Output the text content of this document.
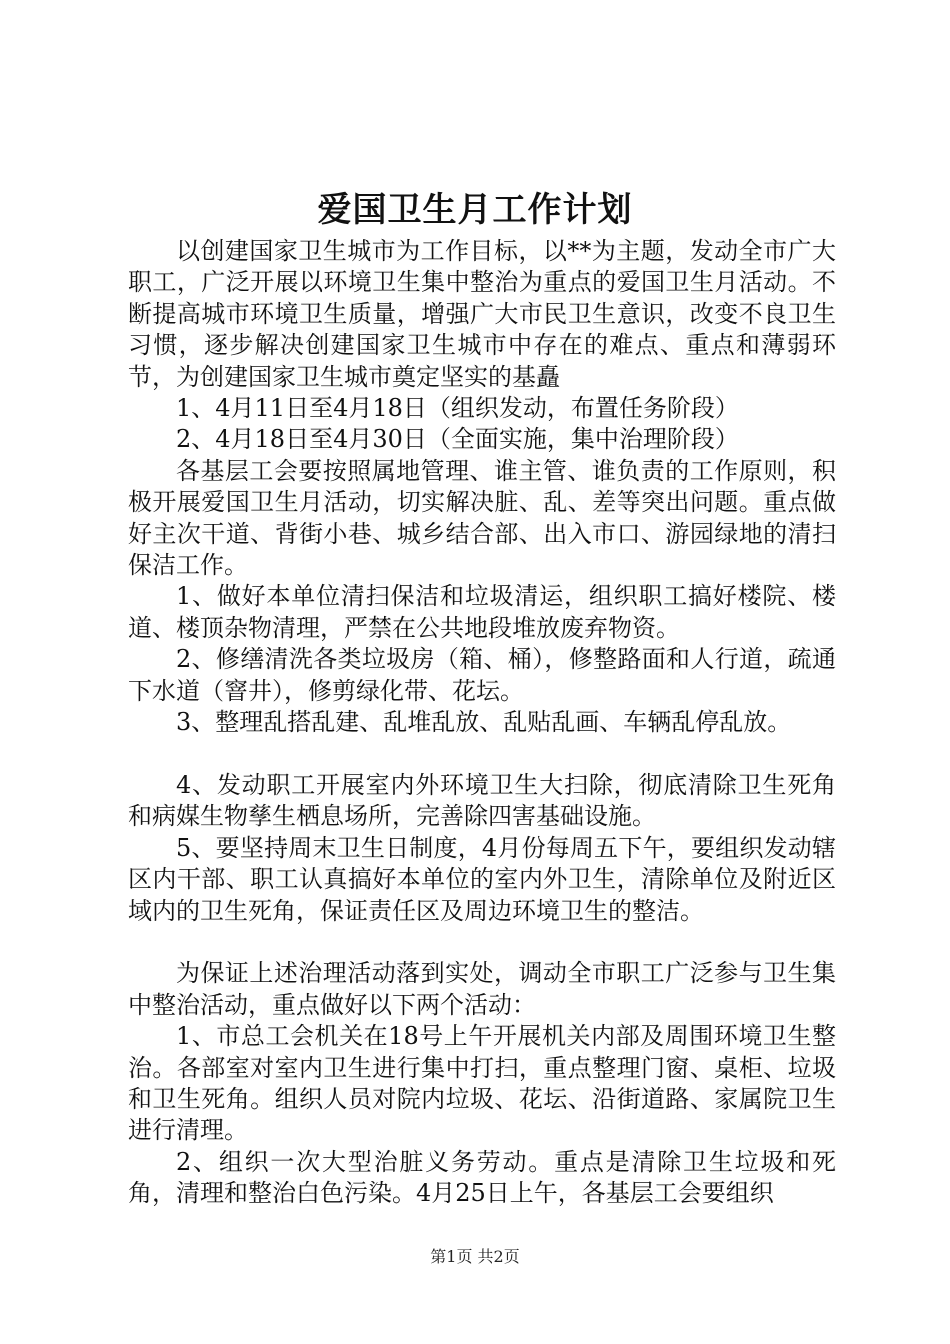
爱国卫生月工作计划

以创建国家卫生城市为工作目标，以**为主题，发动全市广大职工，广泛开展以环境卫生集中整治为重点的爱国卫生月活动。不断提高城市环境卫生质量，增强广大市民卫生意识，改变不良卫生习惯，逐步解决创建国家卫生城市中存在的难点、重点和薄弱环节，为创建国家卫生城市奠定坚实的基矗

1、4月11日至4月18日（组织发动，布置任务阶段）

2、4月18日至4月30日（全面实施，集中治理阶段）

各基层工会要按照属地管理、谁主管、谁负责的工作原则，积极开展爱国卫生月活动，切实解决脏、乱、差等突出问题。重点做好主次干道、背街小巷、城乡结合部、出入市口、游园绿地的清扫保洁工作。

1、做好本单位清扫保洁和垃圾清运，组织职工搞好楼院、楼道、楼顶杂物清理，严禁在公共地段堆放废弃物资。

2、修缮清洗各类垃圾房（箱、桶），修整路面和人行道，疏通下水道（窨井），修剪绿化带、花坛。

3、整理乱搭乱建、乱堆乱放、乱贴乱画、车辆乱停乱放。

4、发动职工开展室内外环境卫生大扫除，彻底清除卫生死角和病媒生物孳生栖息场所，完善除四害基础设施。

5、要坚持周末卫生日制度，4月份每周五下午，要组织发动辖区内干部、职工认真搞好本单位的室内外卫生，清除单位及附近区域内的卫生死角，保证责任区及周边环境卫生的整洁。

为保证上述治理活动落到实处，调动全市职工广泛参与卫生集中整治活动，重点做好以下两个活动：

1、市总工会机关在18号上午开展机关内部及周围环境卫生整治。各部室对室内卫生进行集中打扫，重点整理门窗、桌柜、垃圾和卫生死角。组织人员对院内垃圾、花坛、沿街道路、家属院卫生进行清理。

2、组织一次大型治脏义务劳动。重点是清除卫生垃圾和死角，清理和整治白色污染。4月25日上午，各基层工会要组织

第1页 共2页
